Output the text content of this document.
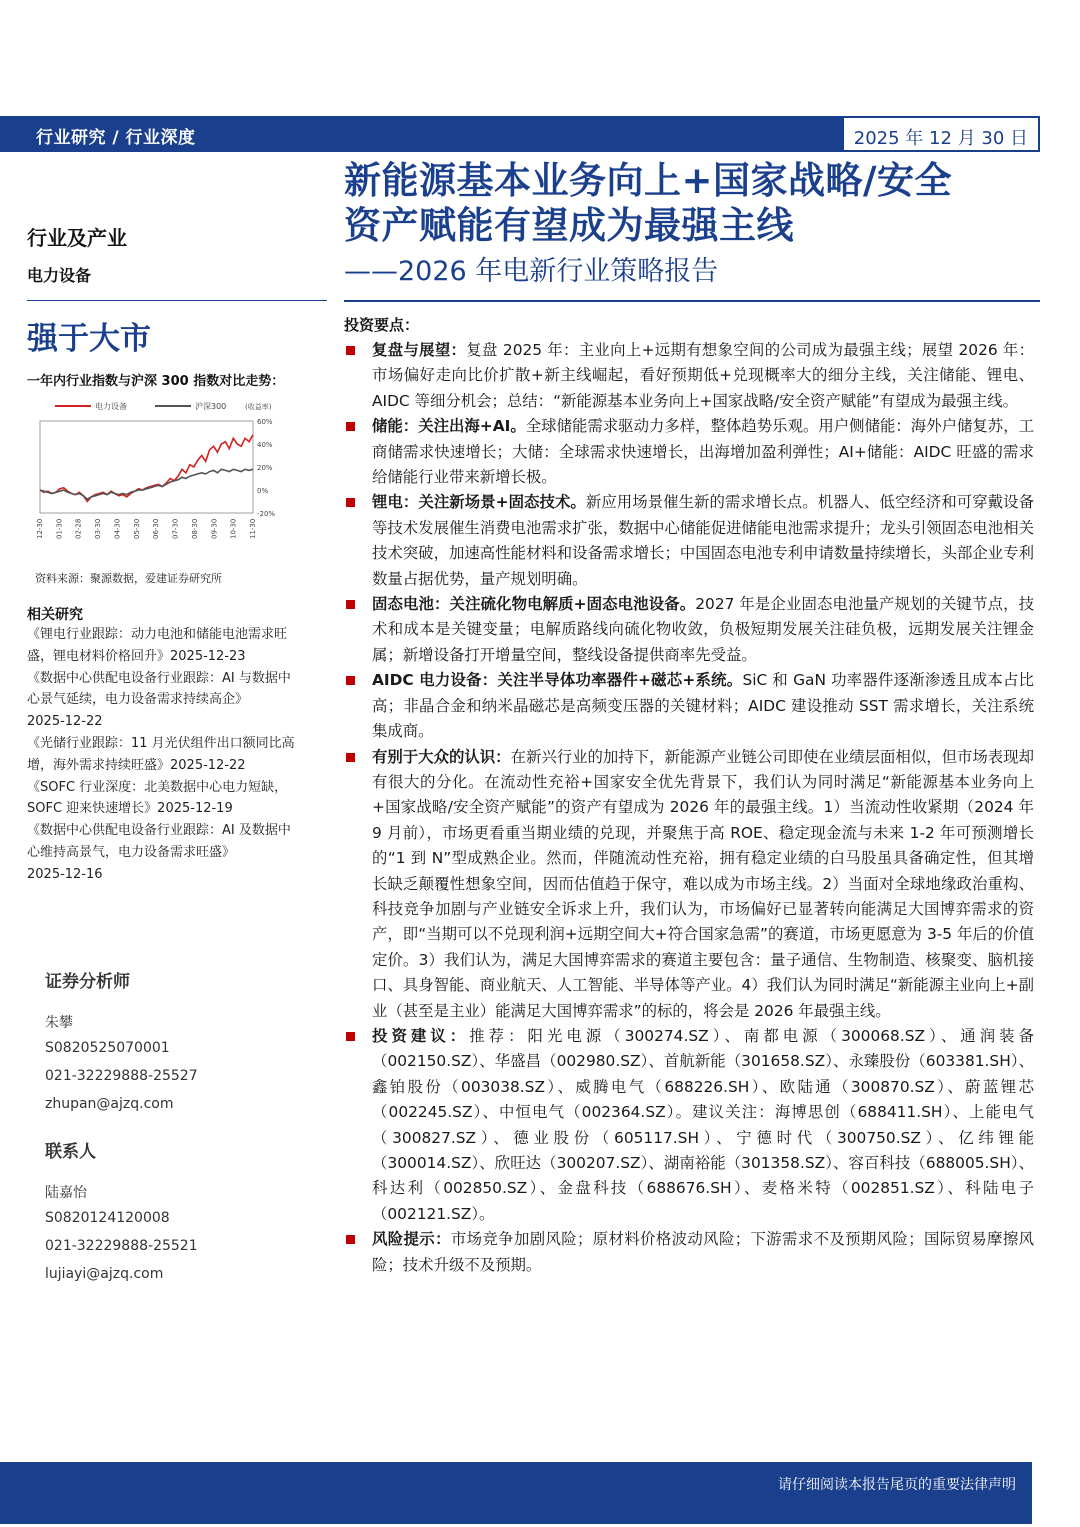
行业研究 / 行业深度	2025 年 12 月 30 日
新能源基本业务向上+国家战略/安全
资产赋能有望成为最强主线
——2026 年电新行业策略报告
行业及产业
电力设备
强于大市
一年内行业指数与沪深 300 指数对比走势：
电力设备	沪深300	(收益率)
60%
40%
20%
0%
-20%
12-30 01-30 02-28 03-30 04-30 05-30 06-30 07-30 08-30 09-30 10-30 11-30
资料来源：聚源数据，爱建证券研究所
相关研究
《锂电行业跟踪：动力电池和储能电池需求旺
盛，锂电材料价格回升》2025-12-23
《数据中心供配电设备行业跟踪：AI 与数据中
心景气延续，电力设备需求持续高企》
2025-12-22
《光储行业跟踪：11 月光伏组件出口额同比高
增，海外需求持续旺盛》2025-12-22
《SOFC 行业深度：北美数据中心电力短缺，
SOFC 迎来快速增长》2025-12-19
《数据中心供配电设备行业跟踪：AI 及数据中
心维持高景气，电力设备需求旺盛》
2025-12-16
证券分析师
朱攀
S0820525070001
021-32229888-25527
zhupan@ajzq.com
联系人
陆嘉怡
S0820124120008
021-32229888-25521
lujiayi@ajzq.com
投资要点：
复盘与展望：复盘 2025 年：主业向上+远期有想象空间的公司成为最强主线；展望 2026 年：市场偏好走向比价扩散+新主线崛起，看好预期低+兑现概率大的细分主线，关注储能、锂电、AIDC 等细分机会；总结：“新能源基本业务向上+国家战略/安全资产赋能”有望成为最强主线。
储能：关注出海+AI。全球储能需求驱动力多样，整体趋势乐观。用户侧储能：海外户储复苏，工商储需求快速增长；大储：全球需求快速增长，出海增加盈利弹性；AI+储能：AIDC 旺盛的需求给储能行业带来新增长极。
锂电：关注新场景+固态技术。新应用场景催生新的需求增长点。机器人、低空经济和可穿戴设备等技术发展催生消费电池需求扩张，数据中心储能促进储能电池需求提升；龙头引领固态电池相关技术突破，加速高性能材料和设备需求增长；中国固态电池专利申请数量持续增长，头部企业专利数量占据优势，量产规划明确。
固态电池：关注硫化物电解质+固态电池设备。2027 年是企业固态电池量产规划的关键节点，技术和成本是关键变量；电解质路线向硫化物收敛，负极短期发展关注硅负极，远期发展关注锂金属；新增设备打开增量空间，整线设备提供商率先受益。
AIDC 电力设备：关注半导体功率器件+磁芯+系统。SiC 和 GaN 功率器件逐渐渗透且成本占比高；非晶合金和纳米晶磁芯是高频变压器的关键材料；AIDC 建设推动 SST 需求增长，关注系统集成商。
有别于大众的认识：在新兴行业的加持下，新能源产业链公司即使在业绩层面相似，但市场表现却有很大的分化。在流动性充裕+国家安全优先背景下，我们认为同时满足“新能源基本业务向上+国家战略/安全资产赋能”的资产有望成为 2026 年的最强主线。1）当流动性收紧期（2024 年 9 月前），市场更看重当期业绩的兑现，并聚焦于高 ROE、稳定现金流与未来 1-2 年可预测增长的“1 到 N”型成熟企业。然而，伴随流动性充裕，拥有稳定业绩的白马股虽具备确定性，但其增长缺乏颠覆性想象空间，因而估值趋于保守，难以成为市场主线。2）当面对全球地缘政治重构、科技竞争加剧与产业链安全诉求上升，我们认为，市场偏好已显著转向能满足大国博弈需求的资产，即“当期可以不兑现利润+远期空间大+符合国家急需”的赛道，市场更愿意为 3-5 年后的价值定价。3）我们认为，满足大国博弈需求的赛道主要包含：量子通信、生物制造、核聚变、脑机接口、具身智能、商业航天、人工智能、半导体等产业。4）我们认为同时满足“新能源主业向上+副业（甚至是主业）能满足大国博弈需求”的标的，将会是 2026 年最强主线。
投资建议：推荐：阳光电源（300274.SZ）、南都电源（300068.SZ）、通润装备（002150.SZ）、华盛昌（002980.SZ）、首航新能（301658.SZ）、永臻股份（603381.SH）、鑫铂股份（003038.SZ）、威腾电气（688226.SH）、欧陆通（300870.SZ）、蔚蓝锂芯（002245.SZ）、中恒电气（002364.SZ）。建议关注：海博思创（688411.SH）、上能电气（300827.SZ）、德业股份（605117.SH）、宁德时代（300750.SZ）、亿纬锂能（300014.SZ）、欣旺达（300207.SZ）、湖南裕能（301358.SZ）、容百科技（688005.SH）、科达利（002850.SZ）、金盘科技（688676.SH）、麦格米特（002851.SZ）、科陆电子（002121.SZ）。
风险提示：市场竞争加剧风险；原材料价格波动风险；下游需求不及预期风险；国际贸易摩擦风险；技术升级不及预期。
请仔细阅读本报告尾页的重要法律声明
